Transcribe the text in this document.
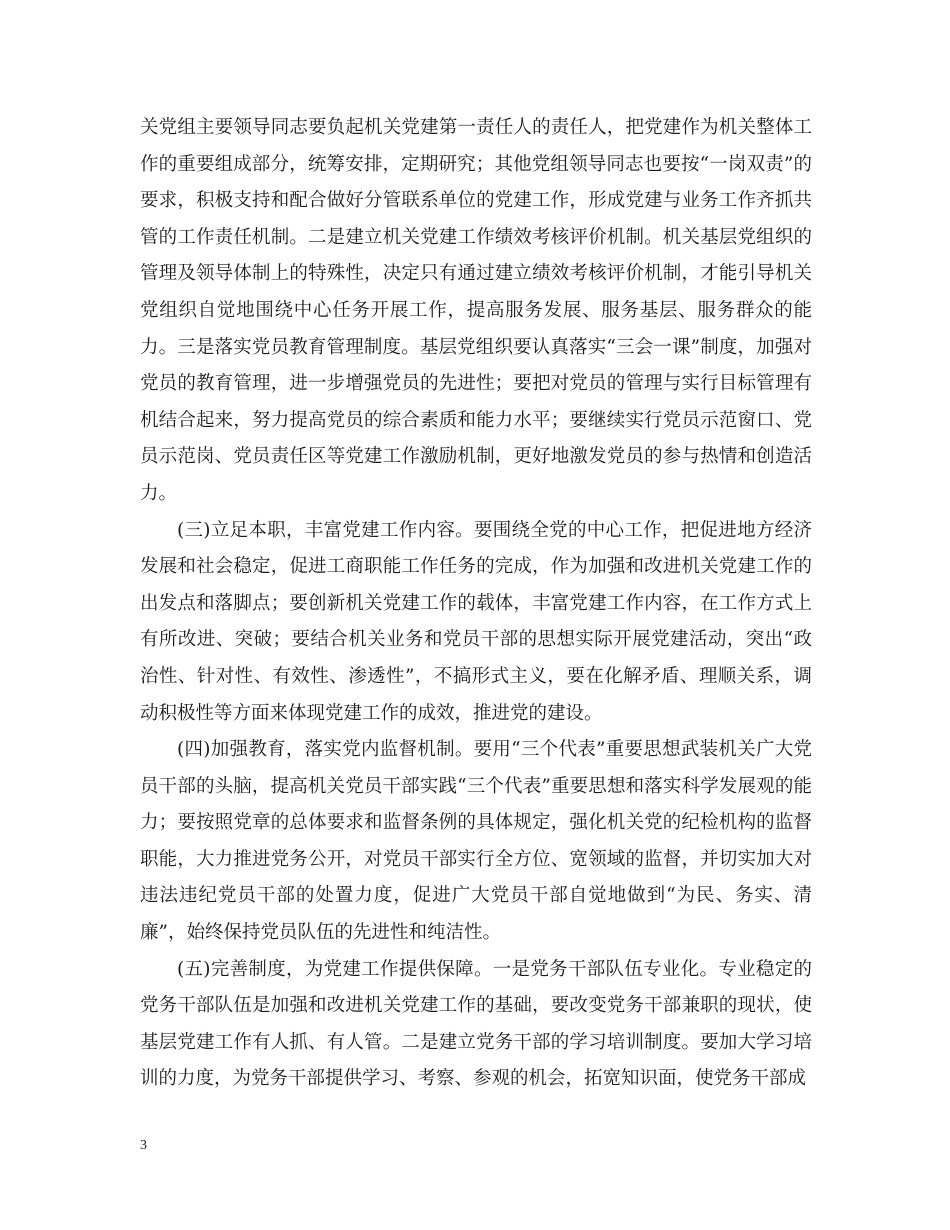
关党组主要领导同志要负起机关党建第一责任人的责任人，把党建作为机关整体工作的重要组成部分，统筹安排，定期研究；其他党组领导同志也要按“一岗双责”的要求，积极支持和配合做好分管联系单位的党建工作，形成党建与业务工作齐抓共管的工作责任机制。二是建立机关党建工作绩效考核评价机制。机关基层党组织的管理及领导体制上的特殊性，决定只有通过建立绩效考核评价机制，才能引导机关党组织自觉地围绕中心任务开展工作，提高服务发展、服务基层、服务群众的能力。三是落实党员教育管理制度。基层党组织要认真落实“三会一课”制度，加强对党员的教育管理，进一步增强党员的先进性；要把对党员的管理与实行目标管理有机结合起来，努力提高党员的综合素质和能力水平；要继续实行党员示范窗口、党员示范岗、党员责任区等党建工作激励机制，更好地激发党员的参与热情和创造活力。

(三)立足本职，丰富党建工作内容。要围绕全党的中心工作，把促进地方经济发展和社会稳定，促进工商职能工作任务的完成，作为加强和改进机关党建工作的出发点和落脚点；要创新机关党建工作的载体，丰富党建工作内容，在工作方式上有所改进、突破；要结合机关业务和党员干部的思想实际开展党建活动，突出“政治性、针对性、有效性、渗透性”，不搞形式主义，要在化解矛盾、理顺关系，调动积极性等方面来体现党建工作的成效，推进党的建设。

(四)加强教育，落实党内监督机制。要用“三个代表”重要思想武装机关广大党员干部的头脑，提高机关党员干部实践“三个代表”重要思想和落实科学发展观的能力；要按照党章的总体要求和监督条例的具体规定，强化机关党的纪检机构的监督职能，大力推进党务公开，对党员干部实行全方位、宽领域的监督，并切实加大对违法违纪党员干部的处置力度，促进广大党员干部自觉地做到“为民、务实、清廉”，始终保持党员队伍的先进性和纯洁性。

(五)完善制度，为党建工作提供保障。一是党务干部队伍专业化。专业稳定的党务干部队伍是加强和改进机关党建工作的基础，要改变党务干部兼职的现状，使基层党建工作有人抓、有人管。二是建立党务干部的学习培训制度。要加大学习培训的力度，为党务干部提供学习、考察、参观的机会，拓宽知识面，使党务干部成

3
